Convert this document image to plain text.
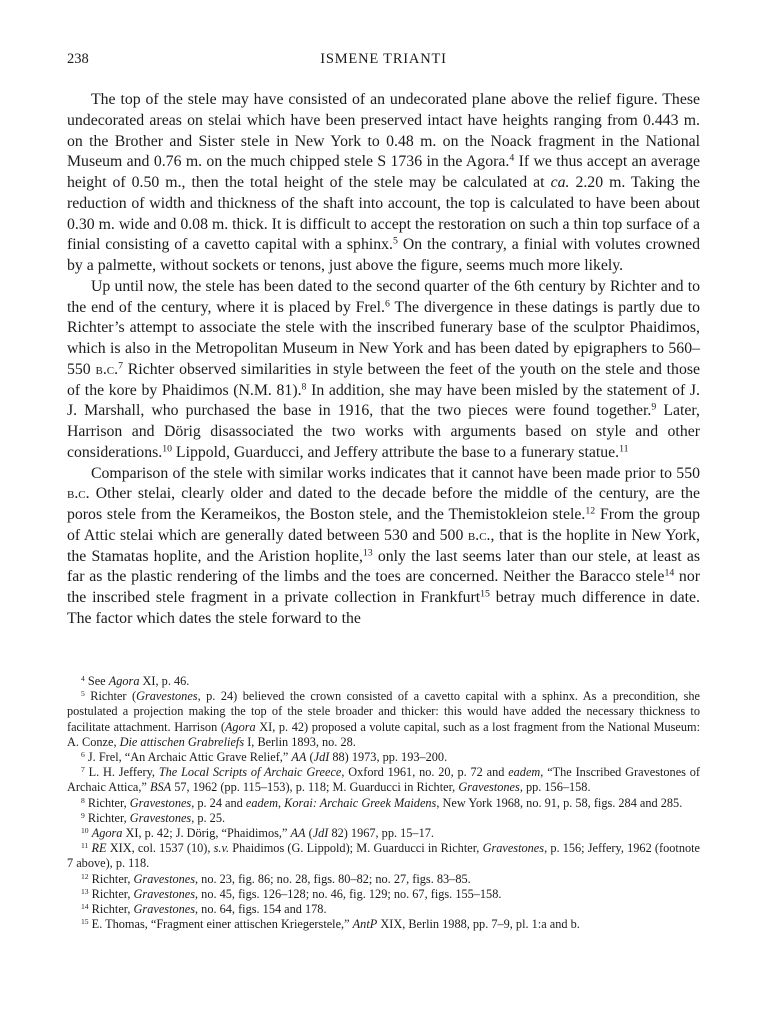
238	ISMENE TRIANTI

The top of the stele may have consisted of an undecorated plane above the relief figure. These undecorated areas on stelai which have been preserved intact have heights ranging from 0.443 m. on the Brother and Sister stele in New York to 0.48 m. on the Noack fragment in the National Museum and 0.76 m. on the much chipped stele S 1736 in the Agora.$^4$ If we thus accept an average height of 0.50 m., then the total height of the stele may be calculated at ca. 2.20 m. Taking the reduction of width and thickness of the shaft into account, the top is calculated to have been about 0.30 m. wide and 0.08 m. thick. It is difficult to accept the restoration on such a thin top surface of a finial consisting of a cavetto capital with a sphinx.$^5$ On the contrary, a finial with volutes crowned by a palmette, without sockets or tenons, just above the figure, seems much more likely.

Up until now, the stele has been dated to the second quarter of the 6th century by Richter and to the end of the century, where it is placed by Frel.$^6$ The divergence in these datings is partly due to Richter’s attempt to associate the stele with the inscribed funerary base of the sculptor Phaidimos, which is also in the Metropolitan Museum in New York and has been dated by epigraphers to 560–550 b.c.$^7$ Richter observed similarities in style between the feet of the youth on the stele and those of the kore by Phaidimos (N.M. 81).$^8$ In addition, she may have been misled by the statement of J. J. Marshall, who purchased the base in 1916, that the two pieces were found together.$^9$ Later, Harrison and Dörig disassociated the two works with arguments based on style and other considerations.$^{10}$ Lippold, Guarducci, and Jeffery attribute the base to a funerary statue.$^{11}$

Comparison of the stele with similar works indicates that it cannot have been made prior to 550 b.c. Other stelai, clearly older and dated to the decade before the middle of the century, are the poros stele from the Kerameikos, the Boston stele, and the Themistokleion stele.$^{12}$ From the group of Attic stelai which are generally dated between 530 and 500 b.c., that is the hoplite in New York, the Stamatas hoplite, and the Aristion hoplite,$^{13}$ only the last seems later than our stele, at least as far as the plastic rendering of the limbs and the toes are concerned. Neither the Baracco stele$^{14}$ nor the inscribed stele fragment in a private collection in Frankfurt$^{15}$ betray much difference in date. The factor which dates the stele forward to the

$^4$ See Agora XI, p. 46.

$^5$ Richter (Gravestones, p. 24) believed the crown consisted of a cavetto capital with a sphinx. As a precondition, she postulated a projection making the top of the stele broader and thicker: this would have added the necessary thickness to facilitate attachment. Harrison (Agora XI, p. 42) proposed a volute capital, such as a lost fragment from the National Museum: A. Conze, Die attischen Grabreliefs I, Berlin 1893, no. 28.

$^6$ J. Frel, “An Archaic Attic Grave Relief,” AA (JdI 88) 1973, pp. 193–200.

$^7$ L. H. Jeffery, The Local Scripts of Archaic Greece, Oxford 1961, no. 20, p. 72 and eadem, “The Inscribed Gravestones of Archaic Attica,” BSA 57, 1962 (pp. 115–153), p. 118; M. Guarducci in Richter, Gravestones, pp. 156–158.

$^8$ Richter, Gravestones, p. 24 and eadem, Korai: Archaic Greek Maidens, New York 1968, no. 91, p. 58, figs. 284 and 285.

$^9$ Richter, Gravestones, p. 25.

$^{10}$ Agora XI, p. 42; J. Dörig, “Phaidimos,” AA (JdI 82) 1967, pp. 15–17.

$^{11}$ RE XIX, col. 1537 (10), s.v. Phaidimos (G. Lippold); M. Guarducci in Richter, Gravestones, p. 156; Jeffery, 1962 (footnote 7 above), p. 118.

$^{12}$ Richter, Gravestones, no. 23, fig. 86; no. 28, figs. 80–82; no. 27, figs. 83–85.

$^{13}$ Richter, Gravestones, no. 45, figs. 126–128; no. 46, fig. 129; no. 67, figs. 155–158.

$^{14}$ Richter, Gravestones, no. 64, figs. 154 and 178.

$^{15}$ E. Thomas, “Fragment einer attischen Kriegerstele,” AntP XIX, Berlin 1988, pp. 7–9, pl. 1:a and b.
